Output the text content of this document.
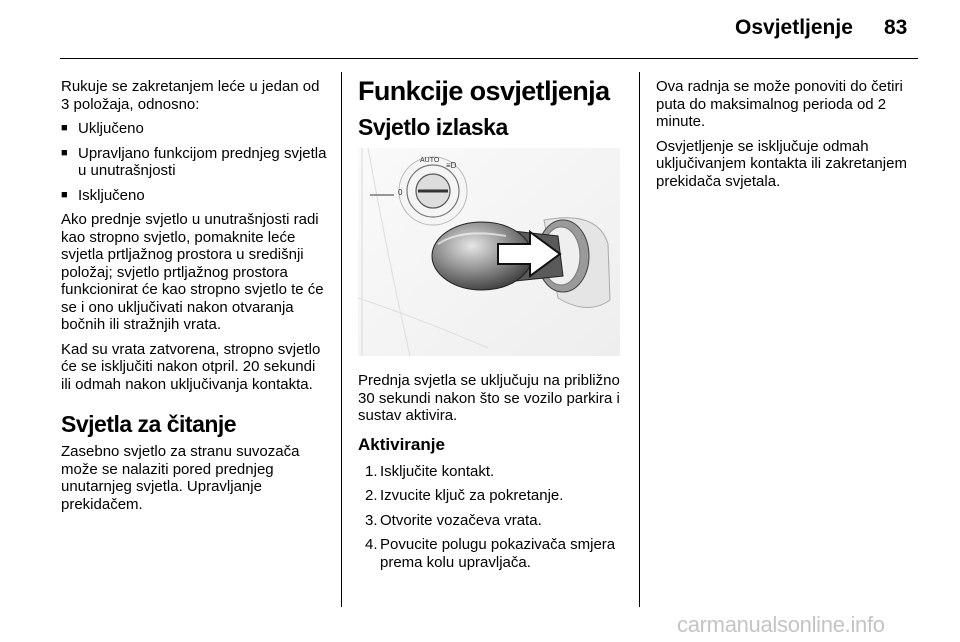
Osvjetljenje 83

Rukuje se zakretanjem leće u jedan od 3 položaja, odnosno:

■ Uključeno
■ Upravljano funkcijom prednjeg svjetla u unutrašnjosti
■ Isključeno

Ako prednje svjetlo u unutrašnjosti radi kao stropno svjetlo, pomaknite leće svjetla prtljažnog prostora u središnji položaj; svjetlo prtljažnog prostora funkcionirat će kao stropno svjetlo te će se i ono uključivati nakon otvaranja bočnih ili stražnjih vrata.

Kad su vrata zatvorena, stropno svjetlo će se isključiti nakon otpril. 20 sekundi ili odmah nakon uključivanja kontakta.

Svjetla za čitanje

Zasebno svjetlo za stranu suvozača može se nalaziti pored prednjeg unutarnjeg svjetla. Upravljanje prekidačem.

Funkcije osvjetljenja
Svjetlo izlaska
0
AUTO
≡D

Prednja svjetla se uključuju na približno 30 sekundi nakon što se vozilo parkira i sustav aktivira.

Aktiviranje
1. Isključite kontakt.
2. Izvucite ključ za pokretanje.
3. Otvorite vozačeva vrata.
4. Povucite polugu pokazivača smjera prema kolu upravljača.

Ova radnja se može ponoviti do četiri puta do maksimalnog perioda od 2 minute.

Osvjetljenje se isključuje odmah uključivanjem kontakta ili zakretanjem prekidača svjetala.

carmanualsonline.info
